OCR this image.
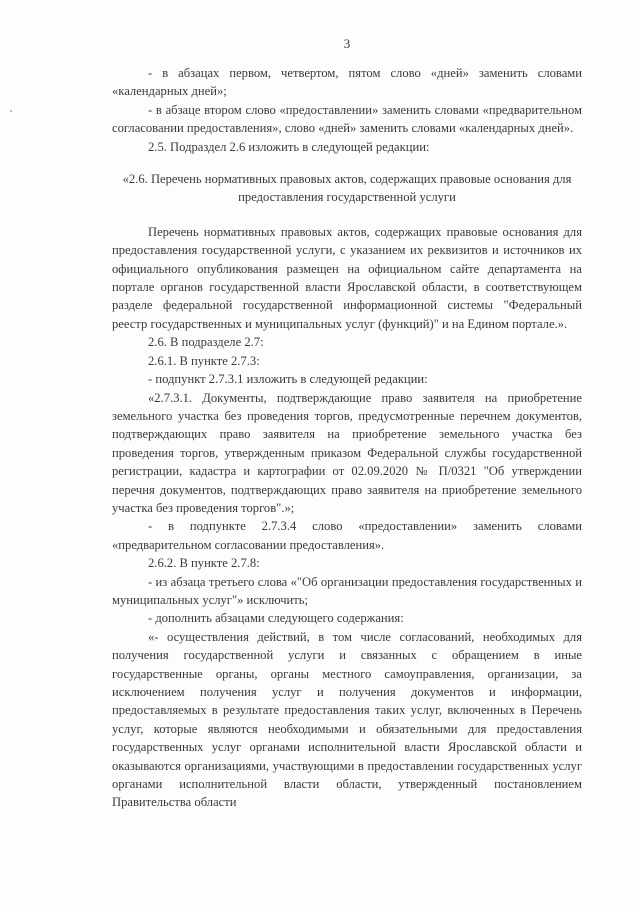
3

- в абзацах первом, четвертом, пятом слово «дней» заменить словами «календарных дней»;

- в абзаце втором слово «предоставлении» заменить словами «предварительном согласовании предоставления», слово «дней» заменить словами «календарных дней».

2.5. Подраздел 2.6 изложить в следующей редакции:

«2.6. Перечень нормативных правовых актов, содержащих правовые основания для предоставления государственной услуги

Перечень нормативных правовых актов, содержащих правовые основания для предоставления государственной услуги, с указанием их реквизитов и источников их официального опубликования размещен на официальном сайте департамента на портале органов государственной власти Ярославской области, в соответствующем разделе федеральной государственной информационной системы "Федеральный реестр государственных и муниципальных услуг (функций)" и на Едином портале.».

2.6. В подразделе 2.7:

2.6.1. В пункте 2.7.3:

- подпункт 2.7.3.1 изложить в следующей редакции:

«2.7.3.1. Документы, подтверждающие право заявителя на приобретение земельного участка без проведения торгов, предусмотренные перечнем документов, подтверждающих право заявителя на приобретение земельного участка без проведения торгов, утвержденным приказом Федеральной службы государственной регистрации, кадастра и картографии от 02.09.2020 № П/0321 "Об утверждении перечня документов, подтверждающих право заявителя на приобретение земельного участка без проведения торгов".»;

- в подпункте 2.7.3.4 слово «предоставлении» заменить словами «предварительном согласовании предоставления».

2.6.2. В пункте 2.7.8:

- из абзаца третьего слова «"Об организации предоставления государственных и муниципальных услуг"» исключить;

- дополнить абзацами следующего содержания:

«- осуществления действий, в том числе согласований, необходимых для получения государственной услуги и связанных с обращением в иные государственные органы, органы местного самоуправления, организации, за исключением получения услуг и получения документов и информации, предоставляемых в результате предоставления таких услуг, включенных в Перечень услуг, которые являются необходимыми и обязательными для предоставления государственных услуг органами исполнительной власти Ярославской области и оказываются организациями, участвующими в предоставлении государственных услуг органами исполнительной власти области, утвержденный постановлением Правительства области
